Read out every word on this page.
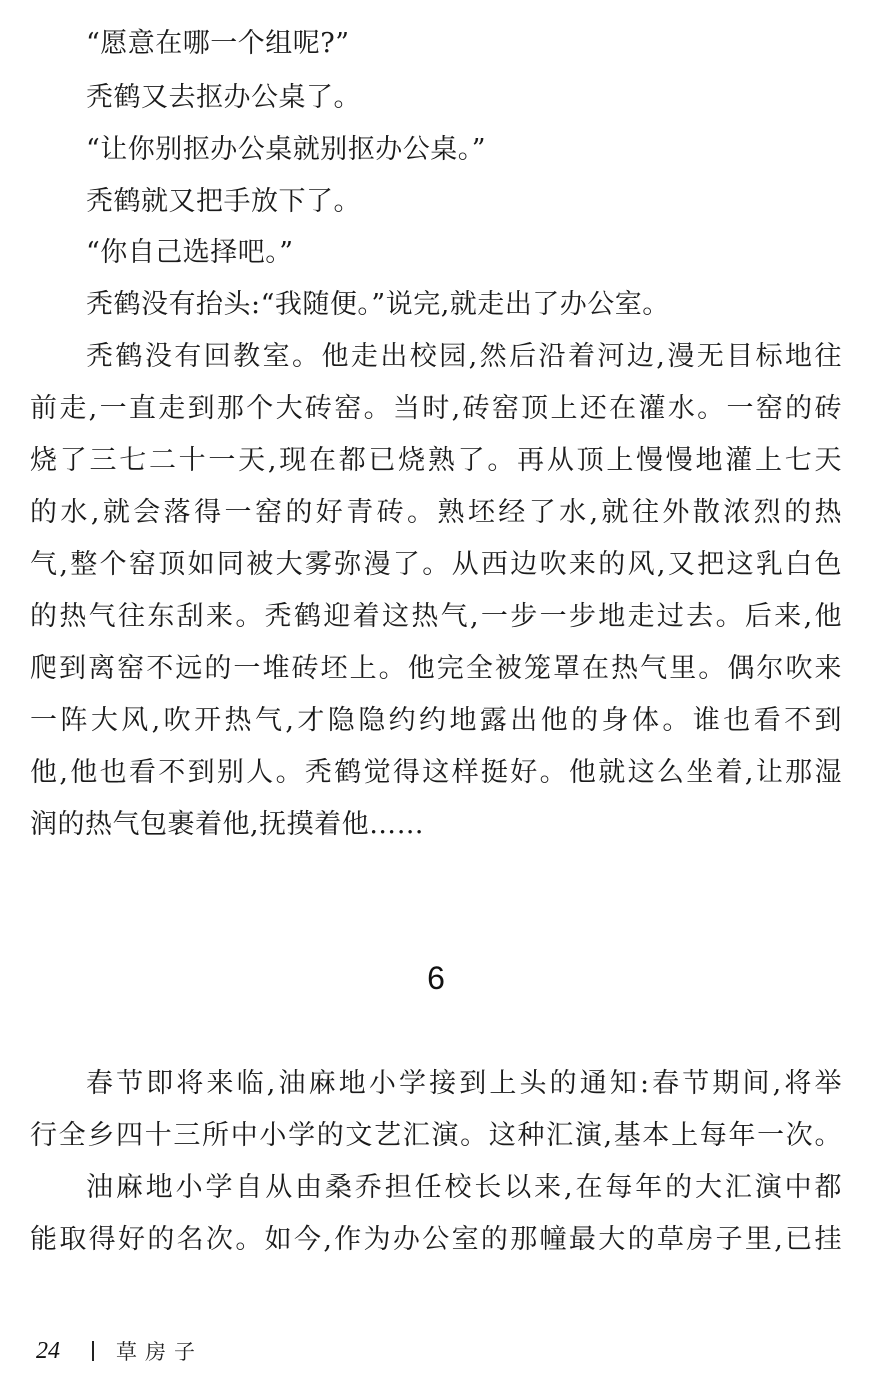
“愿意在哪一个组呢?”
秃鹤又去抠办公桌了。
“让你别抠办公桌就别抠办公桌。”
秃鹤就又把手放下了。
“你自己选择吧。”
秃鹤没有抬头:“我随便。”说完,就走出了办公室。
秃鹤没有回教室。他走出校园,然后沿着河边,漫无目标地往
前走,一直走到那个大砖窑。当时,砖窑顶上还在灌水。一窑的砖
烧了三七二十一天,现在都已烧熟了。再从顶上慢慢地灌上七天
的水,就会落得一窑的好青砖。熟坯经了水,就往外散浓烈的热
气,整个窑顶如同被大雾弥漫了。从西边吹来的风,又把这乳白色
的热气往东刮来。秃鹤迎着这热气,一步一步地走过去。后来,他
爬到离窑不远的一堆砖坯上。他完全被笼罩在热气里。偶尔吹来
一阵大风,吹开热气,才隐隐约约地露出他的身体。谁也看不到
他,他也看不到别人。秃鹤觉得这样挺好。他就这么坐着,让那湿
润的热气包裹着他,抚摸着他……
6
春节即将来临,油麻地小学接到上头的通知:春节期间,将举
行全乡四十三所中小学的文艺汇演。这种汇演,基本上每年一次。
油麻地小学自从由桑乔担任校长以来,在每年的大汇演中都
能取得好的名次。如今,作为办公室的那幢最大的草房子里,已挂
24	草房子
